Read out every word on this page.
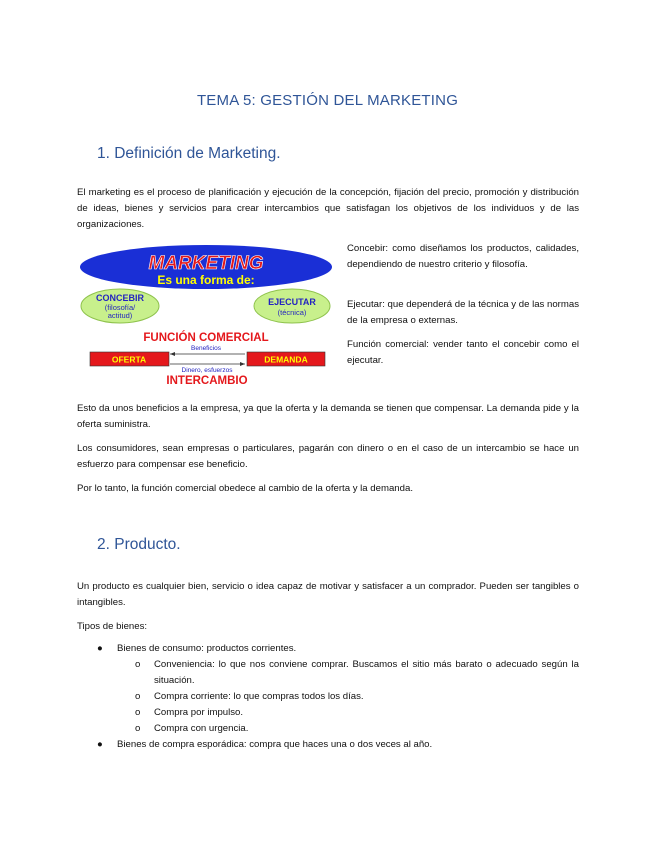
TEMA 5: GESTIÓN DEL MARKETING
1. Definición de Marketing.

El marketing es el proceso de planificación y ejecución de la concepción, fijación del precio, promoción y distribución de ideas, bienes y servicios para crear intercambios que satisfagan los objetivos de los individuos y de las organizaciones.

MARKETING
Es una forma de:
CONCEBIR
(filosofía/
actitud)
EJECUTAR
(técnica)
FUNCIÓN COMERCIAL
Beneficios
OFERTA	DEMANDA
Dinero, esfuerzos
INTERCAMBIO

Concebir: como diseñamos los productos, calidades, dependiendo de nuestro criterio y filosofía.

Ejecutar: que dependerá de la técnica y de las normas de la empresa o externas.

Función comercial: vender tanto el concebir como el ejecutar.

Esto da unos beneficios a la empresa, ya que la oferta y la demanda se tienen que compensar. La demanda pide y la oferta suministra.

Los consumidores, sean empresas o particulares, pagarán con dinero o en el caso de un intercambio se hace un esfuerzo para compensar ese beneficio.

Por lo tanto, la función comercial obedece al cambio de la oferta y la demanda.

2. Producto.

Un producto es cualquier bien, servicio o idea capaz de motivar y satisfacer a un comprador. Pueden ser tangibles o intangibles.

Tipos de bienes:

● Bienes de consumo: productos corrientes.
o Conveniencia: lo que nos conviene comprar. Buscamos el sitio más barato o adecuado según la situación.
o Compra corriente: lo que compras todos los días.
o Compra por impulso.
o Compra con urgencia.
● Bienes de compra esporádica: compra que haces una o dos veces al año.
